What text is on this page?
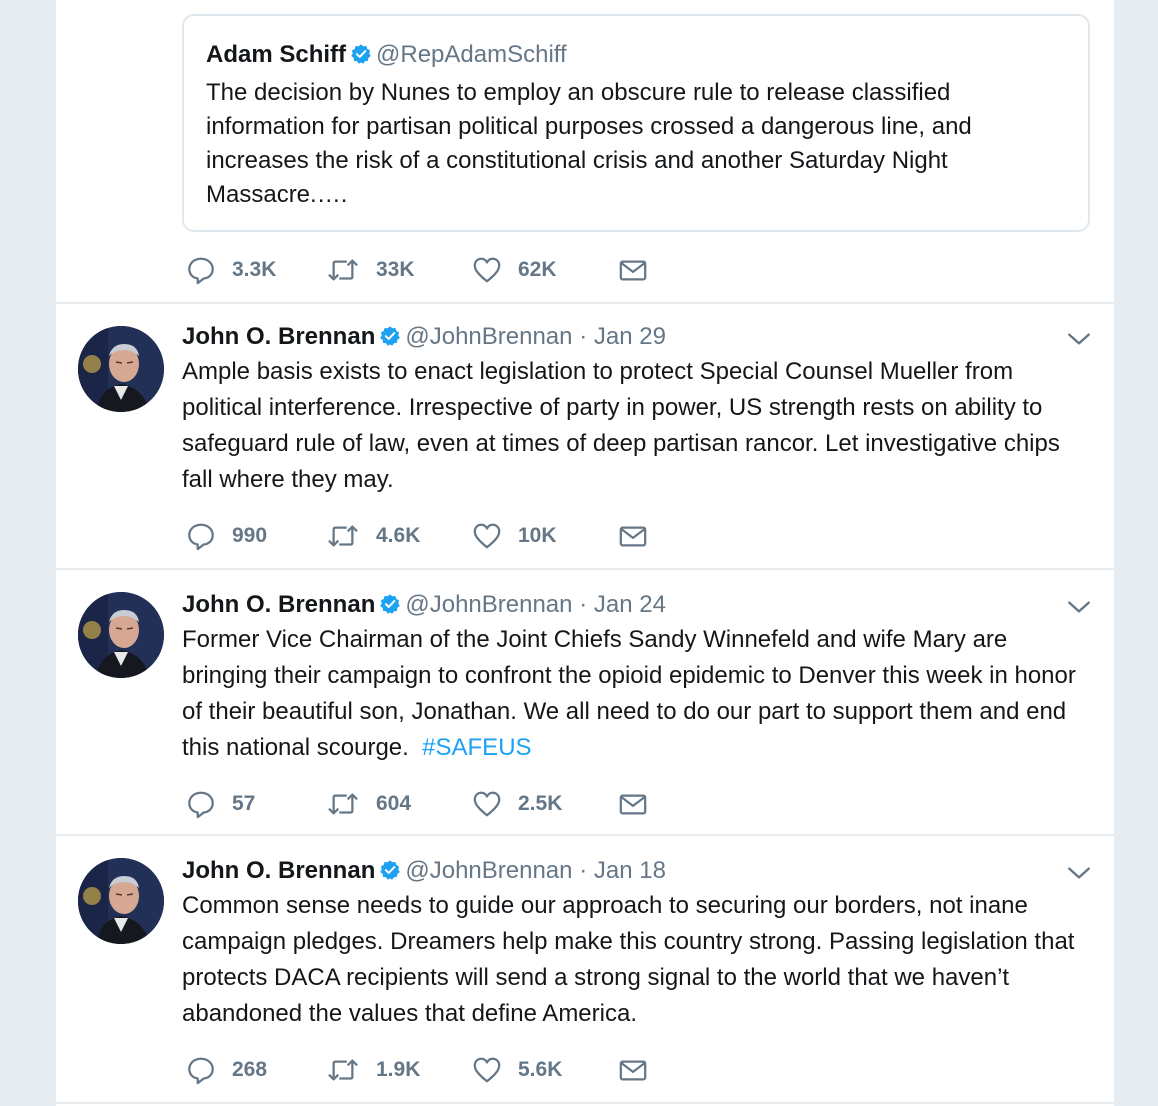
Adam Schiff @RepAdamSchiff
The decision by Nunes to employ an obscure rule to release classified information for partisan political purposes crossed a dangerous line, and increases the risk of a constitutional crisis and another Saturday Night Massacre.….
3.3K	33K	62K
John O. Brennan @JohnBrennan · Jan 29
Ample basis exists to enact legislation to protect Special Counsel Mueller from political interference. Irrespective of party in power, US strength rests on ability to safeguard rule of law, even at times of deep partisan rancor. Let investigative chips fall where they may.
990	4.6K	10K
John O. Brennan @JohnBrennan · Jan 24
Former Vice Chairman of the Joint Chiefs Sandy Winnefeld and wife Mary are bringing their campaign to confront the opioid epidemic to Denver this week in honor of their beautiful son, Jonathan. We all need to do our part to support them and end this national scourge. #SAFEUS
57	604	2.5K
John O. Brennan @JohnBrennan · Jan 18
Common sense needs to guide our approach to securing our borders, not inane campaign pledges. Dreamers help make this country strong. Passing legislation that protects DACA recipients will send a strong signal to the world that we haven’t abandoned the values that define America.
268	1.9K	5.6K
